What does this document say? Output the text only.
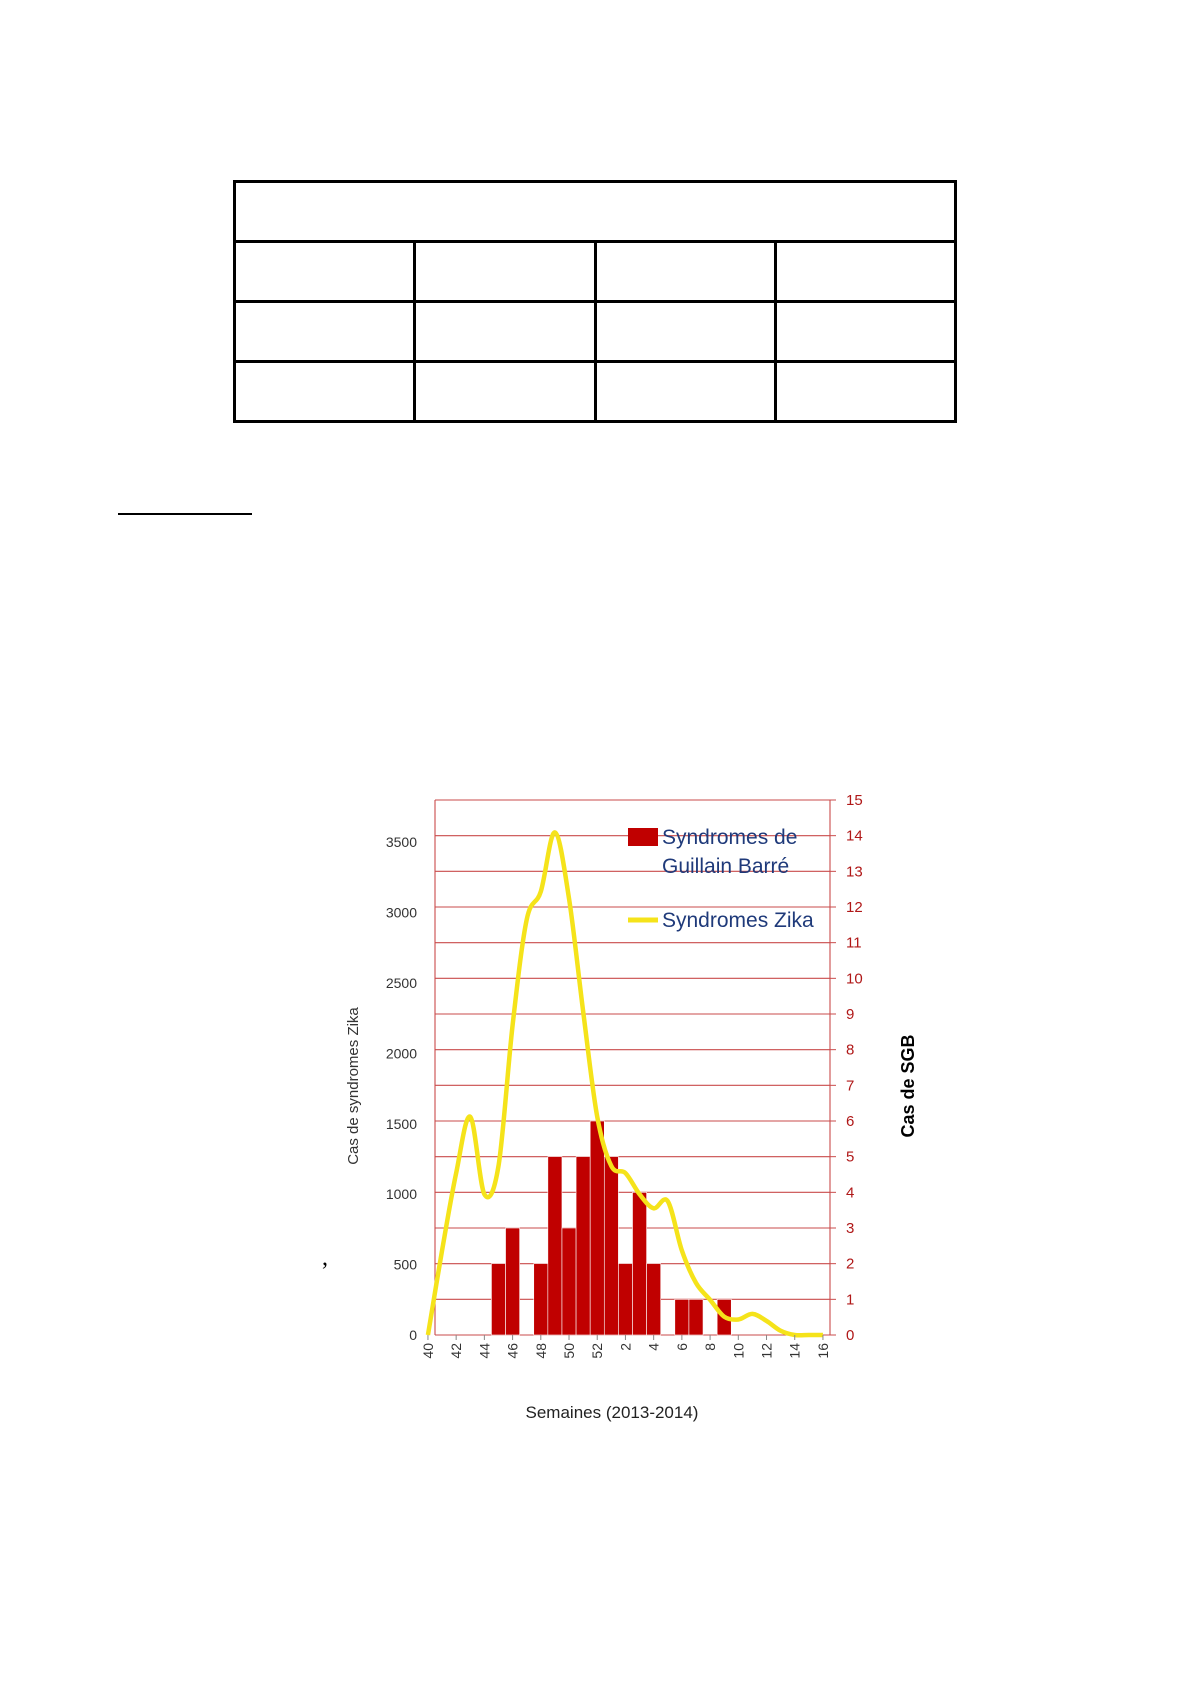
,
0
500
1000
1500
2000
2500
3000
3500
0
1
2
3
4
5
6
7
8
9
10
11
12
13
14
15
40 42 44 46 48 50 52 2 4 6 8 10 12 14 16
Syndromes de
Guillain Barré
Syndromes Zika
Cas de syndromes Zika	Cas de SGB
Semaines (2013-2014)
